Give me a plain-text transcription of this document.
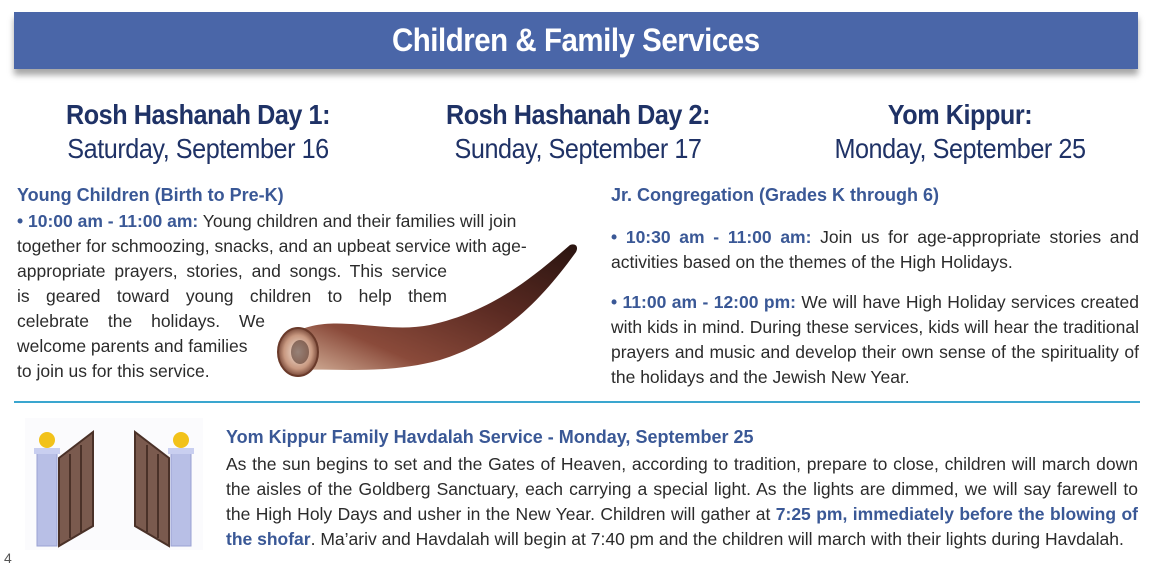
Children & Family Services
Rosh Hashanah Day 1:
Saturday, September 16
Rosh Hashanah Day 2:
Sunday, September 17
Yom Kippur:
Monday, September 25
Young Children (Birth to Pre-K)
• 10:00 am - 11:00 am: Young children and their families will join
together for schmoozing, snacks, and an upbeat service with age-
appropriate prayers, stories, and songs. This service
is geared toward young children to help them
celebrate the holidays. We
welcome parents and families
to join us for this service.
Jr. Congregation (Grades K through 6)
• 10:30 am - 11:00 am: Join us for age-appropriate stories and activities based on the themes of the High Holidays.
• 11:00 am - 12:00 pm: We will have High Holiday services created with kids in mind. During these services, kids will hear the traditional prayers and music and develop their own sense of the spirituality of the holidays and the Jewish New Year.
Yom Kippur Family Havdalah Service - Monday, September 25
As the sun begins to set and the Gates of Heaven, according to tradition, prepare to close, children will march down the aisles of the Goldberg Sanctuary, each carrying a special light. As the lights are dimmed, we will say farewell to the High Holy Days and usher in the New Year. Children will gather at 7:25 pm, immediately before the blowing of the shofar. Ma’ariv and Havdalah will begin at 7:40 pm and the children will march with their lights during Havdalah.
4
